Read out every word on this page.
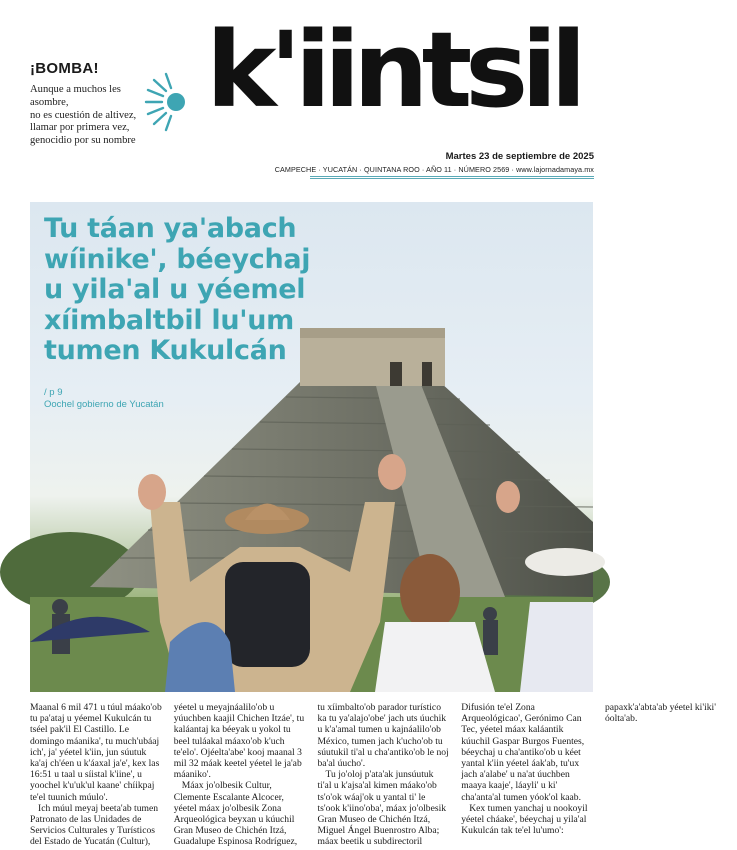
¡BOMBA!
Aunque a muchos les asombre,
no es cuestión de altivez,
llamar por primera vez,
genocidio por su nombre
k'iintsil
Martes 23 de septiembre de 2025
CAMPECHE · YUCATÁN · QUINTANA ROO · AÑO 11 · NÚMERO 2569 · www.lajornadamaya.mx
Tu táan ya'abach
wíinike', béeychaj
u yila'al u yéemel
xíimbaltbil lu'um
tumen Kukulcán
/ p 9
Oochel gobierno de Yucatán

Maanal 6 mil 471 u túul máako'ob tu pa'ataj u yéemel Kukulcán tu tséel pak'il El Castillo. Le domingo máanika', tu much'ubáaj ich', ja' yéetel k'iin, jun súutuk ka'aj ch'éen u k'áaxal ja'e', kex las 16:51 u taal u síistal k'iine', u yoochel k'u'uk'ul kaane' chíikpaj te'el tuunich múulo'.

Ich múul meyaj beeta'ab tumen Patronato de las Unidades de Servicios Culturales y Turísticos del Estado de Yucatán (Cultur), yéetel u meyajnáalilo'ob u yúuchben kaajil Chichen Itzáe', tu kaláantaj ka béeyak u yokol tu beel tuláakal máaxo'ob k'uch te'elo'. Ojéelta'abe' kooj maanal 3 mil 32 máak keetel yéetel le ja'ab máaniko'.

Máax jo'olbesik Cultur, Clemente Escalante Alcocer, yéetel máax jo'olbesik Zona Arqueológica beyxan u kúuchil Gran Museo de Chichén Itzá, Guadalupe Espinosa Rodríguez, tu xíimbalto'ob parador turístico ka tu ya'alajo'obe' jach uts úuchik u k'a'amal tumen u kajnáalilo'ob México, tumen jach k'ucho'ob tu súutukil ti'al u cha'antiko'ob le noj ba'al úucho'.

Tu jo'oloj p'ata'ak junsúutuk ti'al u k'ajsa'al kimen máako'ob ts'o'ok wáaj'ok u yantal ti' le ts'ook k'iino'oba', máax jo'olbesik Gran Museo de Chichén Itzá, Miguel Ángel Buenrostro Alba; máax beetik u subdirectoril Difusión te'el Zona Arqueológicao', Gerónimo Can Tec, yéetel máax kaláantik kúuchil Gaspar Burgos Fuentes, béeychaj u cha'antiko'ob u kéet yantal k'iin yéetel áak'ab, tu'ux jach a'alabe' u na'at úuchben maaya kaaje', láayli' u ki' cha'anta'al tumen yóok'ol kaab.

Kex tumen yanchaj u nookoyil yéetel cháake', béeychaj u yila'al Kukulcán tak te'el lu'umo': papaxk'a'abta'ab yéetel ki'iki' óolta'ab.
